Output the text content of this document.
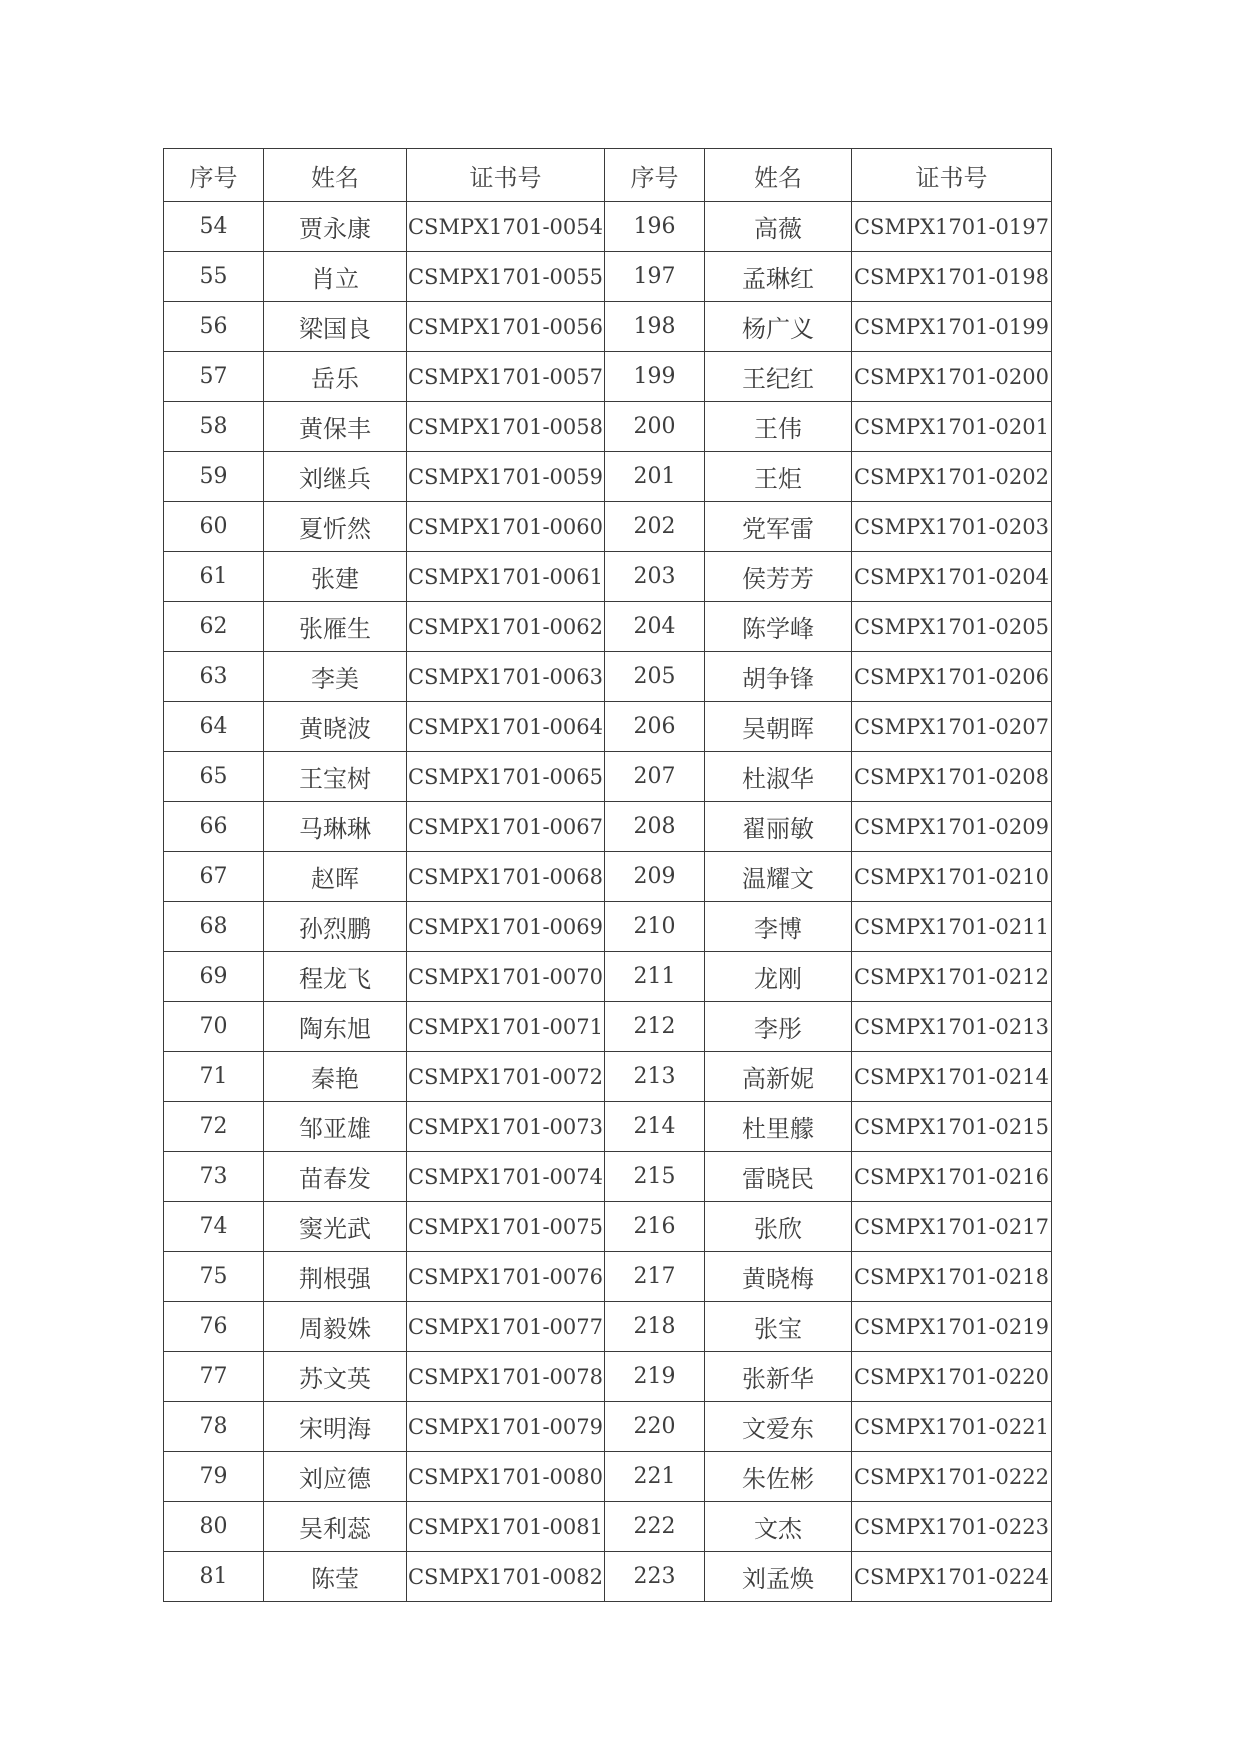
序号	姓名	证书号	序号	姓名	证书号
54	贾永康	CSMPX1701-0054	196	高薇	CSMPX1701-0197
55	肖立	CSMPX1701-0055	197	孟琳红	CSMPX1701-0198
56	梁国良	CSMPX1701-0056	198	杨广义	CSMPX1701-0199
57	岳乐	CSMPX1701-0057	199	王纪红	CSMPX1701-0200
58	黄保丰	CSMPX1701-0058	200	王伟	CSMPX1701-0201
59	刘继兵	CSMPX1701-0059	201	王炬	CSMPX1701-0202
60	夏忻然	CSMPX1701-0060	202	党军雷	CSMPX1701-0203
61	张建	CSMPX1701-0061	203	侯芳芳	CSMPX1701-0204
62	张雁生	CSMPX1701-0062	204	陈学峰	CSMPX1701-0205
63	李美	CSMPX1701-0063	205	胡争锋	CSMPX1701-0206
64	黄晓波	CSMPX1701-0064	206	吴朝晖	CSMPX1701-0207
65	王宝树	CSMPX1701-0065	207	杜淑华	CSMPX1701-0208
66	马琳琳	CSMPX1701-0067	208	翟丽敏	CSMPX1701-0209
67	赵晖	CSMPX1701-0068	209	温耀文	CSMPX1701-0210
68	孙烈鹏	CSMPX1701-0069	210	李博	CSMPX1701-0211
69	程龙飞	CSMPX1701-0070	211	龙刚	CSMPX1701-0212
70	陶东旭	CSMPX1701-0071	212	李彤	CSMPX1701-0213
71	秦艳	CSMPX1701-0072	213	高新妮	CSMPX1701-0214
72	邹亚雄	CSMPX1701-0073	214	杜里艨	CSMPX1701-0215
73	苗春发	CSMPX1701-0074	215	雷晓民	CSMPX1701-0216
74	窦光武	CSMPX1701-0075	216	张欣	CSMPX1701-0217
75	荆根强	CSMPX1701-0076	217	黄晓梅	CSMPX1701-0218
76	周毅姝	CSMPX1701-0077	218	张宝	CSMPX1701-0219
77	苏文英	CSMPX1701-0078	219	张新华	CSMPX1701-0220
78	宋明海	CSMPX1701-0079	220	文爱东	CSMPX1701-0221
79	刘应德	CSMPX1701-0080	221	朱佐彬	CSMPX1701-0222
80	吴利蕊	CSMPX1701-0081	222	文杰	CSMPX1701-0223
81	陈莹	CSMPX1701-0082	223	刘孟焕	CSMPX1701-0224
